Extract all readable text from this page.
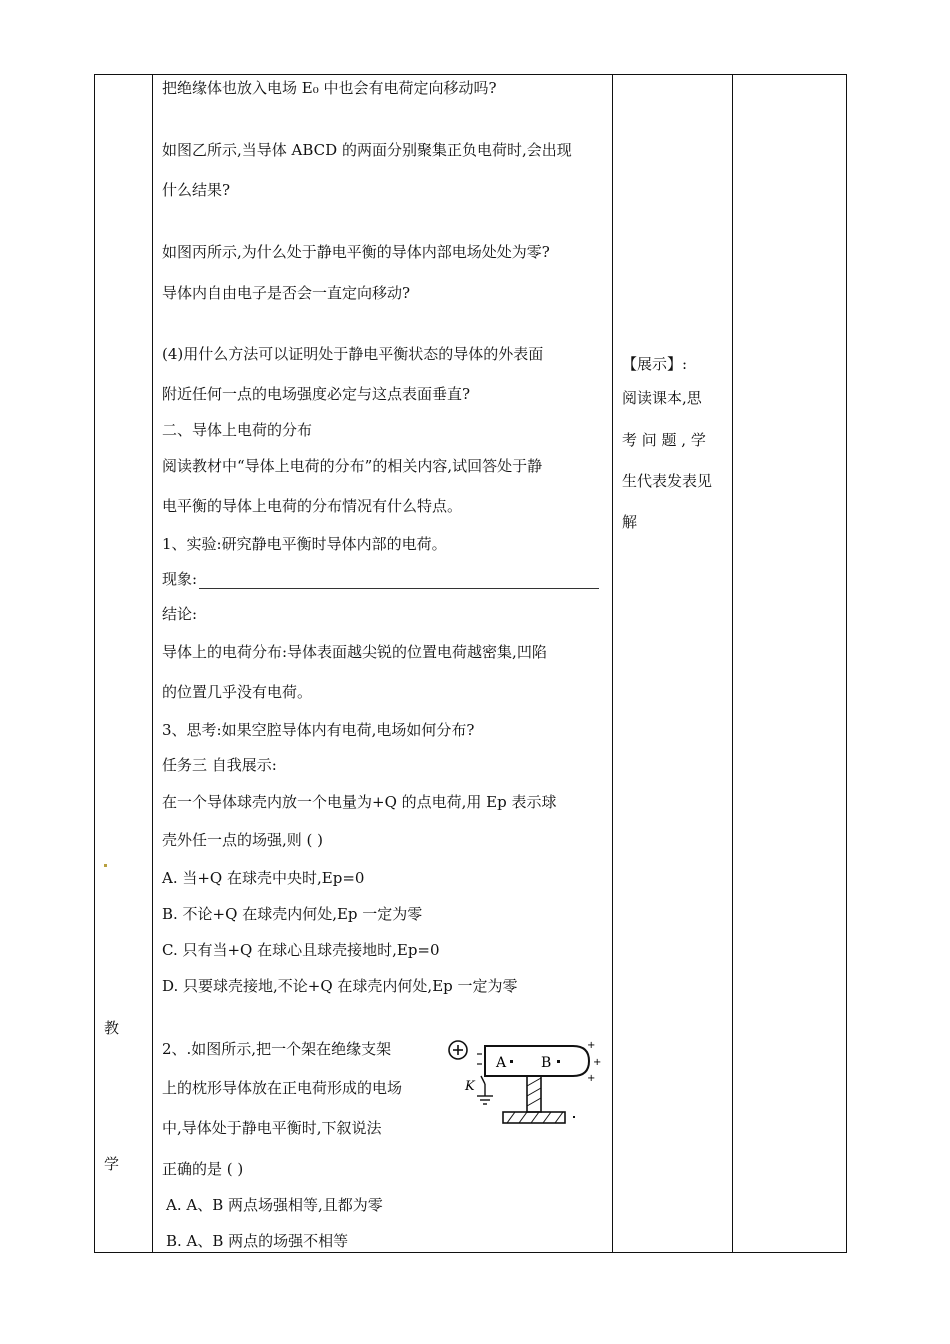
教
学
把绝缘体也放入电场 E₀ 中也会有电荷定向移动吗?
如图乙所示,当导体 ABCD 的两面分别聚集正负电荷时,会出现
什么结果?
如图丙所示,为什么处于静电平衡的导体内部电场处处为零?
导体内自由电子是否会一直定向移动?
(4)用什么方法可以证明处于静电平衡状态的导体的外表面
附近任何一点的电场强度必定与这点表面垂直?
二、导体上电荷的分布
阅读教材中“导体上电荷的分布”的相关内容,试回答处于静
电平衡的导体上电荷的分布情况有什么特点。
1、实验:研究静电平衡时导体内部的电荷。
现象:
结论:
导体上的电荷分布:导体表面越尖锐的位置电荷越密集,凹陷
的位置几乎没有电荷。
3、思考:如果空腔导体内有电荷,电场如何分布?
任务三 自我展示:
在一个导体球壳内放一个电量为+Q 的点电荷,用 Ep 表示球
壳外任一点的场强,则 ( )
A. 当+Q 在球壳中央时,Ep=0
B. 不论+Q 在球壳内何处,Ep 一定为零
C. 只有当+Q 在球心且球壳接地时,Ep=0
D. 只要球壳接地,不论+Q 在球壳内何处,Ep 一定为零
2、.如图所示,把一个架在绝缘支架
上的枕形导体放在正电荷形成的电场
中,导体处于静电平衡时,下叙说法
正确的是 ( )
A. A、B 两点场强相等,且都为零
B. A、B 两点的场强不相等
A B
+
+
+
K
【展示】:
阅读课本,思
考 问 题 , 学
生代表发表见
解
